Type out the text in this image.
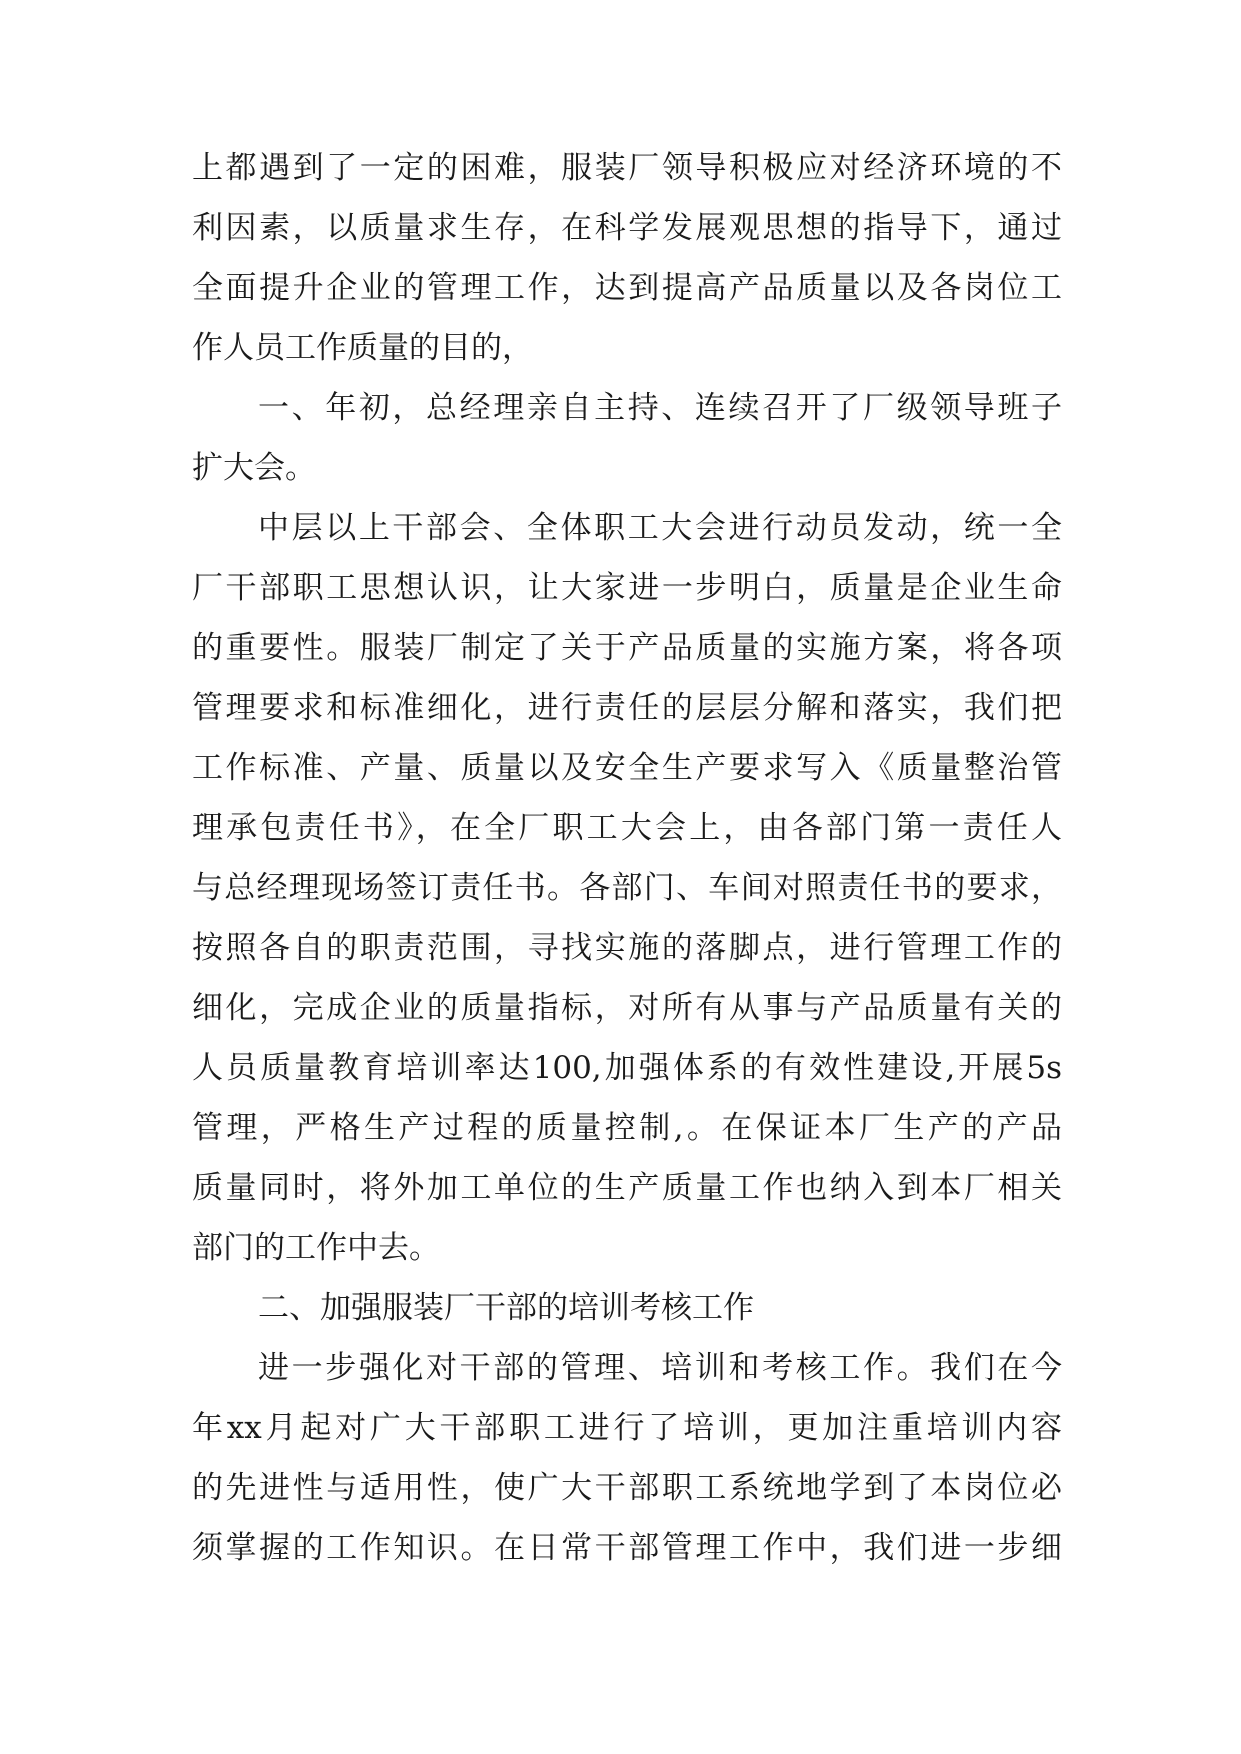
上都遇到了一定的困难，服装厂领导积极应对经济环境的不
利因素，以质量求生存，在科学发展观思想的指导下，通过
全面提升企业的管理工作，达到提高产品质量以及各岗位工
作人员工作质量的目的，
一、年初，总经理亲自主持、连续召开了厂级领导班子
扩大会。
中层以上干部会、全体职工大会进行动员发动，统一全
厂干部职工思想认识，让大家进一步明白，质量是企业生命
的重要性。服装厂制定了关于产品质量的实施方案，将各项
管理要求和标准细化，进行责任的层层分解和落实，我们把
工作标准、产量、质量以及安全生产要求写入《质量整治管
理承包责任书》，在全厂职工大会上，由各部门第一责任人
与总经理现场签订责任书。各部门、车间对照责任书的要求，
按照各自的职责范围，寻找实施的落脚点，进行管理工作的
细化，完成企业的质量指标，对所有从事与产品质量有关的
人员质量教育培训率达100,加强体系的有效性建设,开展5s
管理，严格生产过程的质量控制,。在保证本厂生产的产品
质量同时，将外加工单位的生产质量工作也纳入到本厂相关
部门的工作中去。
二、加强服装厂干部的培训考核工作
进一步强化对干部的管理、培训和考核工作。我们在今
年xx月起对广大干部职工进行了培训，更加注重培训内容
的先进性与适用性，使广大干部职工系统地学到了本岗位必
须掌握的工作知识。在日常干部管理工作中，我们进一步细
